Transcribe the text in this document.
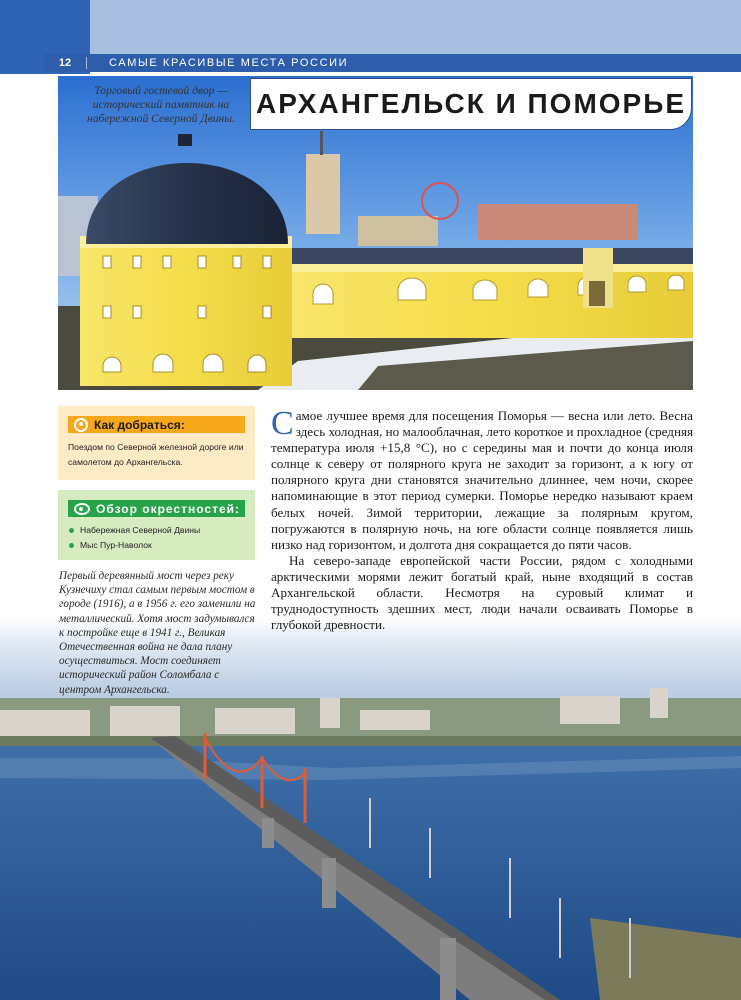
12	САМЫЕ КРАСИВЫЕ МЕСТА РОССИИ
Торговый гостевой двор — исторический памятник на набережной Северной Двины. АРХАНГЕЛЬСК И ПОМОРЬЕ
Как добраться:
Поездом по Северной железной дороге или самолетом до Архангельска.
Обзор окрестностей:
Набережная Северной Двины
Мыс Пур-Наволок
Первый деревянный мост через реку Кузнечиху стал самым первым мостом в городе (1916), а в 1956 г. его заменили на металлический. Хотя мост задумывался к постройке еще в 1941 г., Великая Отечественная война не дала плану осуществиться. Мост соединяет исторический район Соломбала с центром Архангельска.

Самое лучшее время для посещения Поморья — весна или лето. Весна здесь холодная, но малооблачная, лето короткое и прохладное (средняя температура июля +15,8 °С), но с середины мая и почти до конца июля солнце к северу от полярного круга не заходит за горизонт, а к югу от полярного круга дни становятся значительно длиннее, чем ночи, скорее напоминающие в этот период сумерки. Поморье нередко называют краем белых ночей. Зимой территории, лежащие за полярным кругом, погружаются в полярную ночь, на юге области солнце появляется лишь низко над горизонтом, и долгота дня сокращается до пяти часов.

На северо-западе европейской части России, рядом с холодными арктическими морями лежит богатый край, ныне входящий в состав Архангельской области. Несмотря на суровый климат и труднодоступность здешних мест, люди начали осваивать Поморье в глубокой древности.
